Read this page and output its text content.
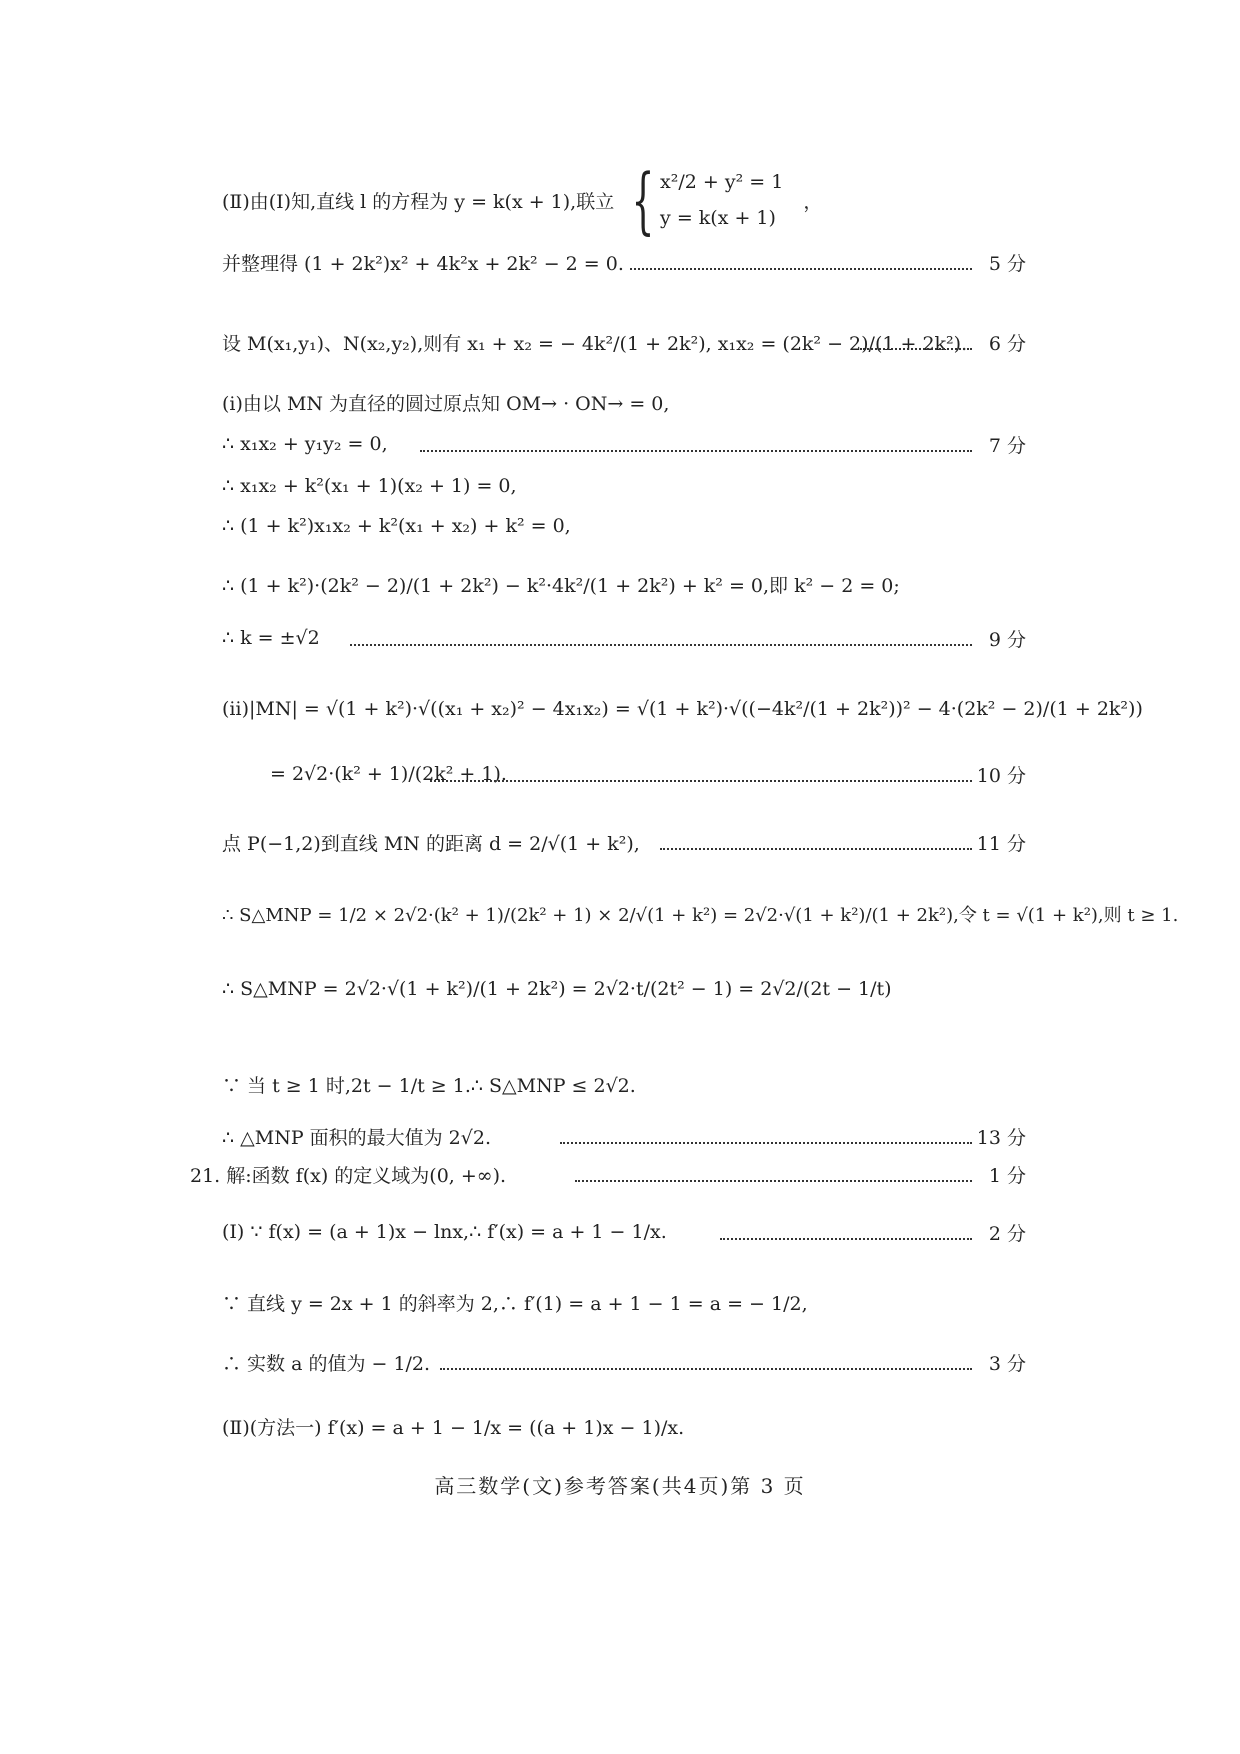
(Ⅱ)由(Ⅰ)知,直线 l 的方程为 y = k(x + 1),联立 { x²/2 + y² = 1
y = k(x + 1)
，
并整理得 (1 + 2k²)x² + 4k²x + 2k² − 2 = 0.	5 分
设 M(x₁,y₁)、N(x₂,y₂),则有 x₁ + x₂ = − 4k²/(1 + 2k²), x₁x₂ = (2k² − 2)/(1 + 2k²). 6 分
(ⅰ)由以 MN 为直径的圆过原点知 OM→ · ON→ = 0,
∴ x₁x₂ + y₁y₂ = 0,	7 分
∴ x₁x₂ + k²(x₁ + 1)(x₂ + 1) = 0,
∴ (1 + k²)x₁x₂ + k²(x₁ + x₂) + k² = 0,
∴ (1 + k²)·(2k² − 2)/(1 + 2k²) − k²·4k²/(1 + 2k²) + k² = 0,即 k² − 2 = 0;
∴ k = ±√2	9 分
(ⅱ)|MN| = √(1 + k²)·√((x₁ + x₂)² − 4x₁x₂) = √(1 + k²)·√((−4k²/(1 + 2k²))² − 4·(2k² − 2)/(1 + 2k²))
= 2√2·(k² + 1)/(2k² + 1).	10 分
点 P(−1,2)到直线 MN 的距离 d = 2/√(1 + k²),	11 分
∴ S△MNP = 1/2 × 2√2·(k² + 1)/(2k² + 1) × 2/√(1 + k²) = 2√2·√(1 + k²)/(1 + 2k²),令 t = √(1 + k²),则 t ≥ 1.
∴ S△MNP = 2√2·√(1 + k²)/(1 + 2k²) = 2√2·t/(2t² − 1) = 2√2/(2t − 1/t)
∵ 当 t ≥ 1 时,2t − 1/t ≥ 1.∴ S△MNP ≤ 2√2.
∴ △MNP 面积的最大值为 2√2.	13 分
21. 解:函数 f(x) 的定义域为(0, +∞).	1 分
(Ⅰ) ∵ f(x) = (a + 1)x − lnx,∴ f′(x) = a + 1 − 1/x.	2 分
∵ 直线 y = 2x + 1 的斜率为 2,∴ f′(1) = a + 1 − 1 = a = − 1/2,
∴ 实数 a 的值为 − 1/2.	3 分
(Ⅱ)(方法一) f′(x) = a + 1 − 1/x = ((a + 1)x − 1)/x.
高三数学(文)参考答案(共4页)第 3 页
